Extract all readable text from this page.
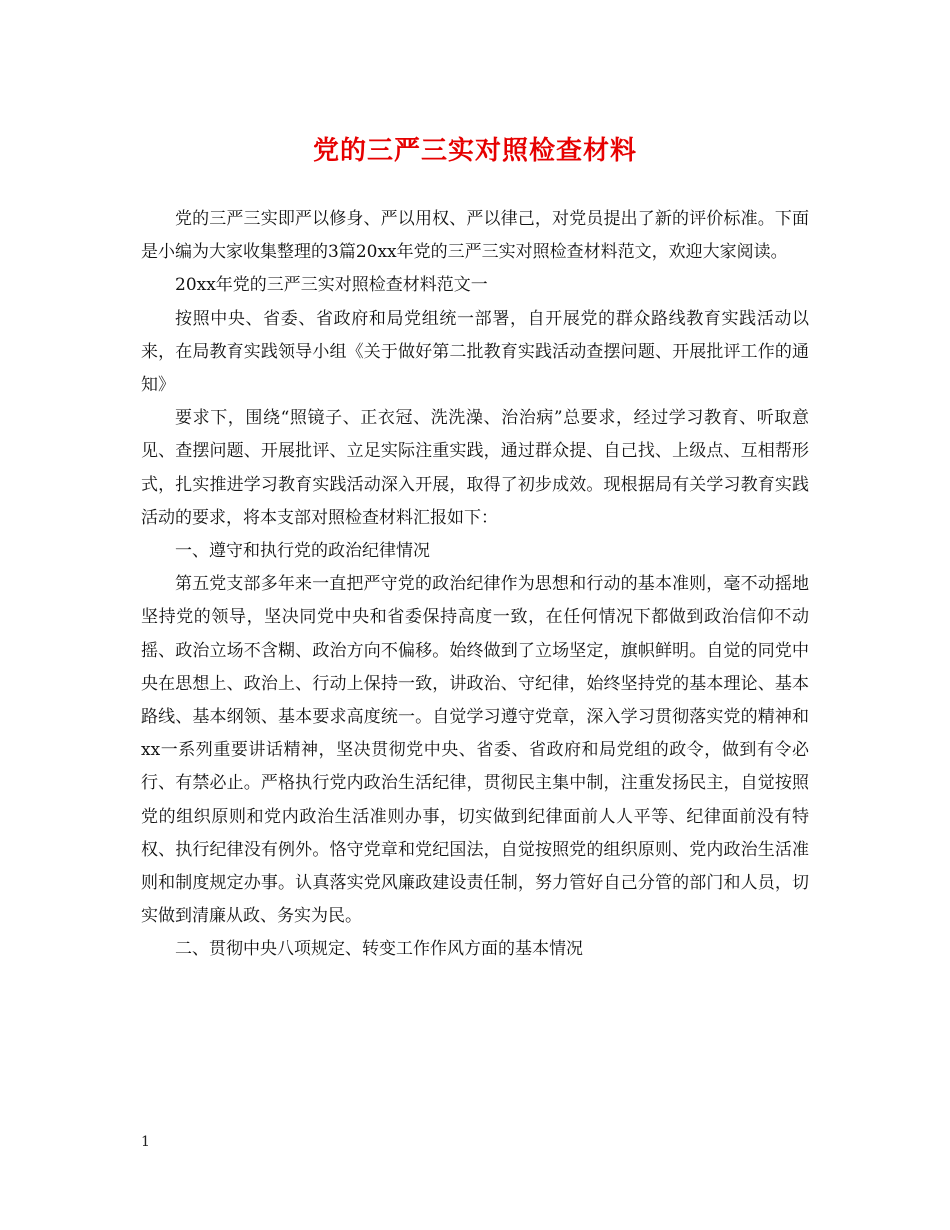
党的三严三实对照检查材料

党的三严三实即严以修身、严以用权、严以律己，对党员提出了新的评价标准。下面是小编为大家收集整理的3篇20xx年党的三严三实对照检查材料范文，欢迎大家阅读。

20xx年党的三严三实对照检查材料范文一

按照中央、省委、省政府和局党组统一部署，自开展党的群众路线教育实践活动以来，在局教育实践领导小组《关于做好第二批教育实践活动查摆问题、开展批评工作的通知》

要求下，围绕“照镜子、正衣冠、洗洗澡、治治病”总要求，经过学习教育、听取意见、查摆问题、开展批评、立足实际注重实践，通过群众提、自己找、上级点、互相帮形式，扎实推进学习教育实践活动深入开展，取得了初步成效。现根据局有关学习教育实践活动的要求，将本支部对照检查材料汇报如下：

一、遵守和执行党的政治纪律情况

第五党支部多年来一直把严守党的政治纪律作为思想和行动的基本准则，毫不动摇地坚持党的领导，坚决同党中央和省委保持高度一致，在任何情况下都做到政治信仰不动摇、政治立场不含糊、政治方向不偏移。始终做到了立场坚定，旗帜鲜明。自觉的同党中央在思想上、政治上、行动上保持一致，讲政治、守纪律，始终坚持党的基本理论、基本路线、基本纲领、基本要求高度统一。自觉学习遵守党章，深入学习贯彻落实党的精神和xx一系列重要讲话精神，坚决贯彻党中央、省委、省政府和局党组的政令，做到有令必行、有禁必止。严格执行党内政治生活纪律，贯彻民主集中制，注重发扬民主，自觉按照党的组织原则和党内政治生活准则办事，切实做到纪律面前人人平等、纪律面前没有特权、执行纪律没有例外。恪守党章和党纪国法，自觉按照党的组织原则、党内政治生活准则和制度规定办事。认真落实党风廉政建设责任制，努力管好自己分管的部门和人员，切实做到清廉从政、务实为民。

二、贯彻中央八项规定、转变工作作风方面的基本情况

1
